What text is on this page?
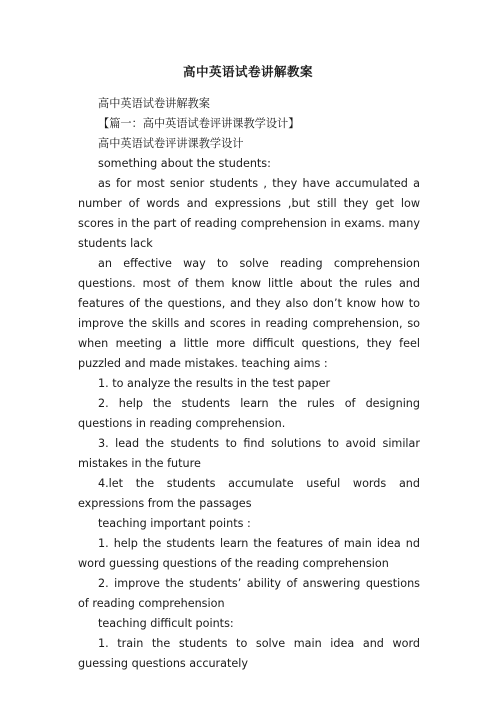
高中英语试卷讲解教案

高中英语试卷讲解教案

【篇一：高中英语试卷评讲课教学设计】

高中英语试卷评讲课教学设计

something about the students:

as for most senior students , they have accumulated a number of words and expressions ,but still they get low scores in the part of reading comprehension in exams. many students lack

an effective way to solve reading comprehension questions. most of them know little about the rules and features of the questions, and they also don’t know how to improve the skills and scores in reading comprehension, so when meeting a little more difficult questions, they feel puzzled and made mistakes. teaching aims :

1. to analyze the results in the test paper

2. help the students learn the rules of designing questions in reading comprehension.

3. lead the students to find solutions to avoid similar mistakes in the future

4.let the students accumulate useful words and expressions from the passages

teaching important points :

1. help the students learn the features of main idea nd word guessing questions of the reading comprehension

2. improve the students’ ability of answering questions of reading comprehension

teaching difficult points:

1. train the students to solve main idea and word guessing questions accurately
